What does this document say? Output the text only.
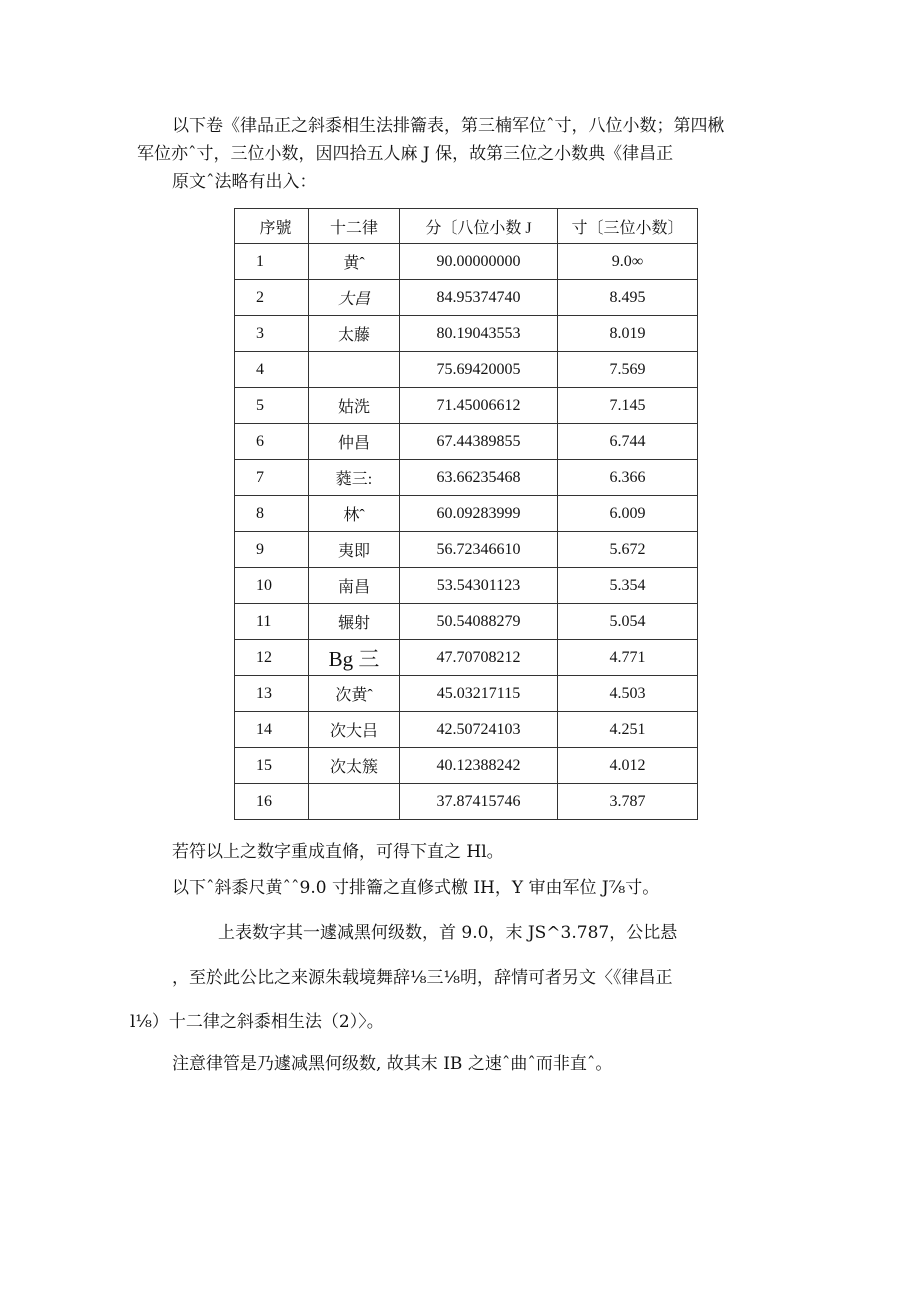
以下卷《律品正之斜黍相生法排籥表，第三楠军位ˆ寸，八位小数；第四楸
军位亦ˆ寸，三位小数，因四拾五人麻 J 保，故第三位之小数典《律昌正
原文ˆ法略有出入：
序號	十二律	分〔八位小数 J	寸〔三位小数〕
1	黄ˆ	90.00000000	9.0∞
2	大昌	84.95374740	8.495
3	太藤	80.19043553	8.019
4		75.69420005	7.569
5	姑洗	71.45006612	7.145
6	仲昌	67.44389855	6.744
7	蕤三:	63.66235468	6.366
8	林ˆ	60.09283999	6.009
9	夷即	56.72346610	5.672
10	南昌	53.54301123	5.354
11	辗射	50.54088279	5.054
12	Bg 三	47.70708212	4.771
13	次黄ˆ	45.03217115	4.503
14	次大吕	42.50724103	4.251
15	次太簇	40.12388242	4.012
16		37.87415746	3.787
若符以上之数字重成直脩，可得下直之 Hl。
以下ˆ斜黍尺黄ˆˆ9.0 寸排籥之直修式檄 IH，Y 审由军位 J⅞寸。
上表数字其一遽减黑何级数，首 9.0，末 JS^3.787，公比悬
，至於此公比之来源朱载境舞辞⅛三⅛明，辞情可者另文〈《律昌正
l⅛）十二律之斜黍相生法（2）〉。
注意律管是乃遽减黑何级数, 故其末 IB 之速ˆ曲ˆ而非直ˆ。
